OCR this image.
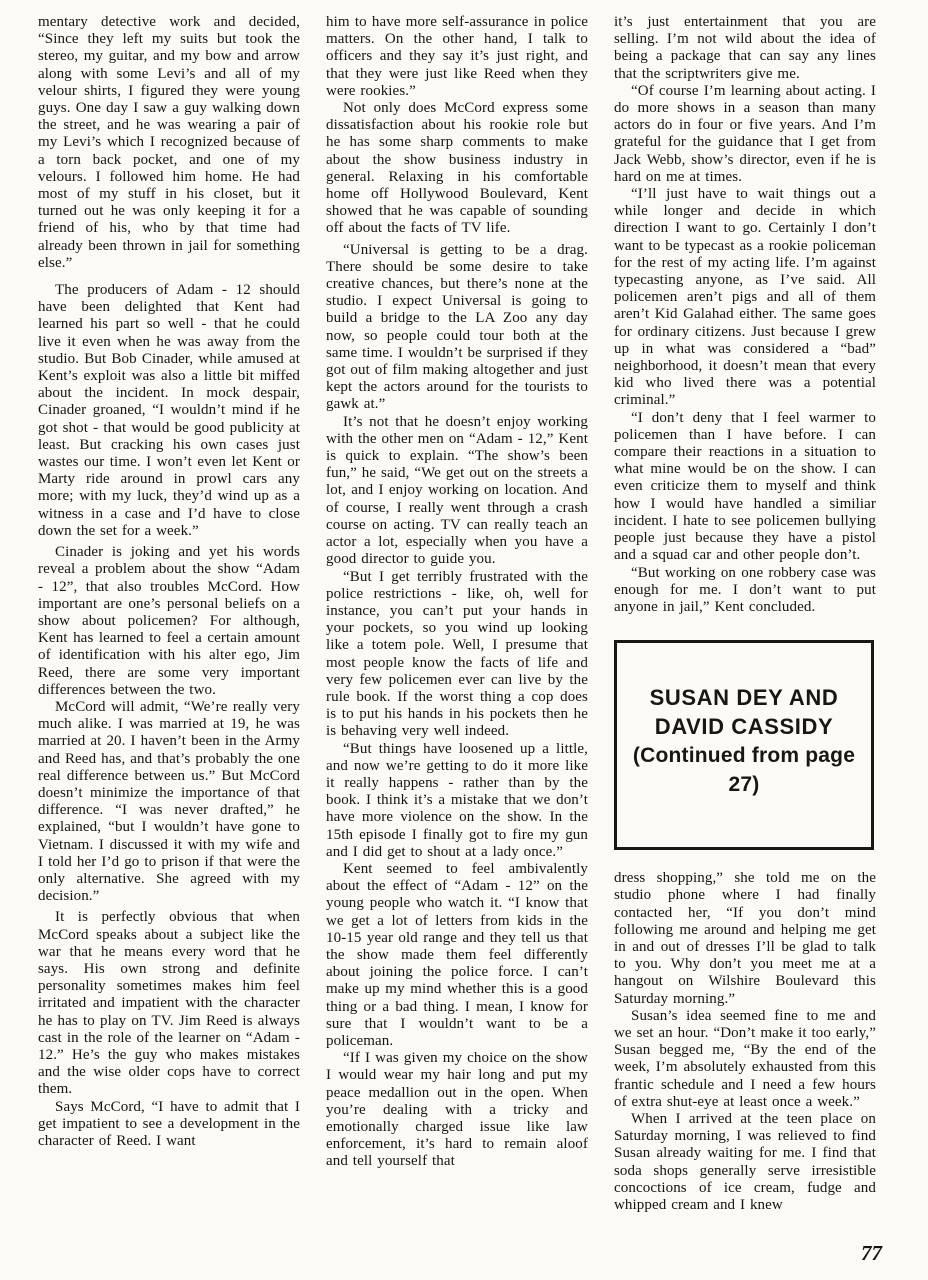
mentary detective work and decided, “Since they left my suits but took the stereo, my guitar, and my bow and arrow along with some Levi’s and all of my velour shirts, I figured they were young guys. One day I saw a guy walking down the street, and he was wearing a pair of my Levi’s which I recognized because of a torn back pocket, and one of my velours. I followed him home. He had most of my stuff in his closet, but it turned out he was only keeping it for a friend of his, who by that time had already been thrown in jail for something else.”

The producers of Adam - 12 should have been delighted that Kent had learned his part so well - that he could live it even when he was away from the studio. But Bob Cinader, while amused at Kent’s exploit was also a little bit miffed about the incident. In mock despair, Cinader groaned, “I wouldn’t mind if he got shot - that would be good publicity at least. But cracking his own cases just wastes our time. I won’t even let Kent or Marty ride around in prowl cars any more; with my luck, they’d wind up as a witness in a case and I’d have to close down the set for a week.”

Cinader is joking and yet his words reveal a problem about the show “Adam - 12”, that also troubles McCord. How important are one’s personal beliefs on a show about policemen? For although, Kent has learned to feel a certain amount of identification with his alter ego, Jim Reed, there are some very important differences between the two.

McCord will admit, “We’re really very much alike. I was married at 19, he was married at 20. I haven’t been in the Army and Reed has, and that’s probably the one real difference between us.” But McCord doesn’t minimize the importance of that difference. “I was never drafted,” he explained, “but I wouldn’t have gone to Vietnam. I discussed it with my wife and I told her I’d go to prison if that were the only alternative. She agreed with my decision.”

It is perfectly obvious that when McCord speaks about a subject like the war that he means every word that he says. His own strong and definite personality sometimes makes him feel irritated and impatient with the character he has to play on TV. Jim Reed is always cast in the role of the learner on “Adam - 12.” He’s the guy who makes mistakes and the wise older cops have to correct them.

Says McCord, “I have to admit that I get impatient to see a development in the character of Reed. I want

him to have more self-assurance in police matters. On the other hand, I talk to officers and they say it’s just right, and that they were just like Reed when they were rookies.”

Not only does McCord express some dissatisfaction about his rookie role but he has some sharp comments to make about the show business industry in general. Relaxing in his comfortable home off Hollywood Boulevard, Kent showed that he was capable of sounding off about the facts of TV life.

“Universal is getting to be a drag. There should be some desire to take creative chances, but there’s none at the studio. I expect Universal is going to build a bridge to the LA Zoo any day now, so people could tour both at the same time. I wouldn’t be surprised if they got out of film making altogether and just kept the actors around for the tourists to gawk at.”

It’s not that he doesn’t enjoy working with the other men on “Adam - 12,” Kent is quick to explain. “The show’s been fun,” he said, “We get out on the streets a lot, and I enjoy working on location. And of course, I really went through a crash course on acting. TV can really teach an actor a lot, especially when you have a good director to guide you.

“But I get terribly frustrated with the police restrictions - like, oh, well for instance, you can’t put your hands in your pockets, so you wind up looking like a totem pole. Well, I presume that most people know the facts of life and very few policemen ever can live by the rule book. If the worst thing a cop does is to put his hands in his pockets then he is behaving very well indeed.

“But things have loosened up a little, and now we’re getting to do it more like it really happens - rather than by the book. I think it’s a mistake that we don’t have more violence on the show. In the 15th episode I finally got to fire my gun and I did get to shout at a lady once.”

Kent seemed to feel ambivalently about the effect of “Adam - 12” on the young people who watch it. “I know that we get a lot of letters from kids in the 10-15 year old range and they tell us that the show made them feel differently about joining the police force. I can’t make up my mind whether this is a good thing or a bad thing. I mean, I know for sure that I wouldn’t want to be a policeman.

“If I was given my choice on the show I would wear my hair long and put my peace medallion out in the open. When you’re dealing with a tricky and emotionally charged issue like law enforcement, it’s hard to remain aloof and tell yourself that

it’s just entertainment that you are selling. I’m not wild about the idea of being a package that can say any lines that the scriptwriters give me.

“Of course I’m learning about acting. I do more shows in a season than many actors do in four or five years. And I’m grateful for the guidance that I get from Jack Webb, show’s director, even if he is hard on me at times.

“I’ll just have to wait things out a while longer and decide in which direction I want to go. Certainly I don’t want to be typecast as a rookie policeman for the rest of my acting life. I’m against typecasting anyone, as I’ve said. All policemen aren’t pigs and all of them aren’t Kid Galahad either. The same goes for ordinary citizens. Just because I grew up in what was considered a “bad” neighborhood, it doesn’t mean that every kid who lived there was a potential criminal.”

“I don’t deny that I feel warmer to policemen than I have before. I can compare their reactions in a situation to what mine would be on the show. I can even criticize them to myself and think how I would have handled a similiar incident. I hate to see policemen bullying people just because they have a pistol and a squad car and other people don’t.

“But working on one robbery case was enough for me. I don’t want to put anyone in jail,” Kent concluded.

SUSAN DEY AND
DAVID CASSIDY
(Continued from page 27)

dress shopping,” she told me on the studio phone where I had finally contacted her, “If you don’t mind following me around and helping me get in and out of dresses I’ll be glad to talk to you. Why don’t you meet me at a hangout on Wilshire Boulevard this Saturday morning.”

Susan’s idea seemed fine to me and we set an hour. “Don’t make it too early,” Susan begged me, “By the end of the week, I’m absolutely exhausted from this frantic schedule and I need a few hours of extra shut-eye at least once a week.”

When I arrived at the teen place on Saturday morning, I was relieved to find Susan already waiting for me. I find that soda shops generally serve irresistible concoctions of ice cream, fudge and whipped cream and I knew

77
